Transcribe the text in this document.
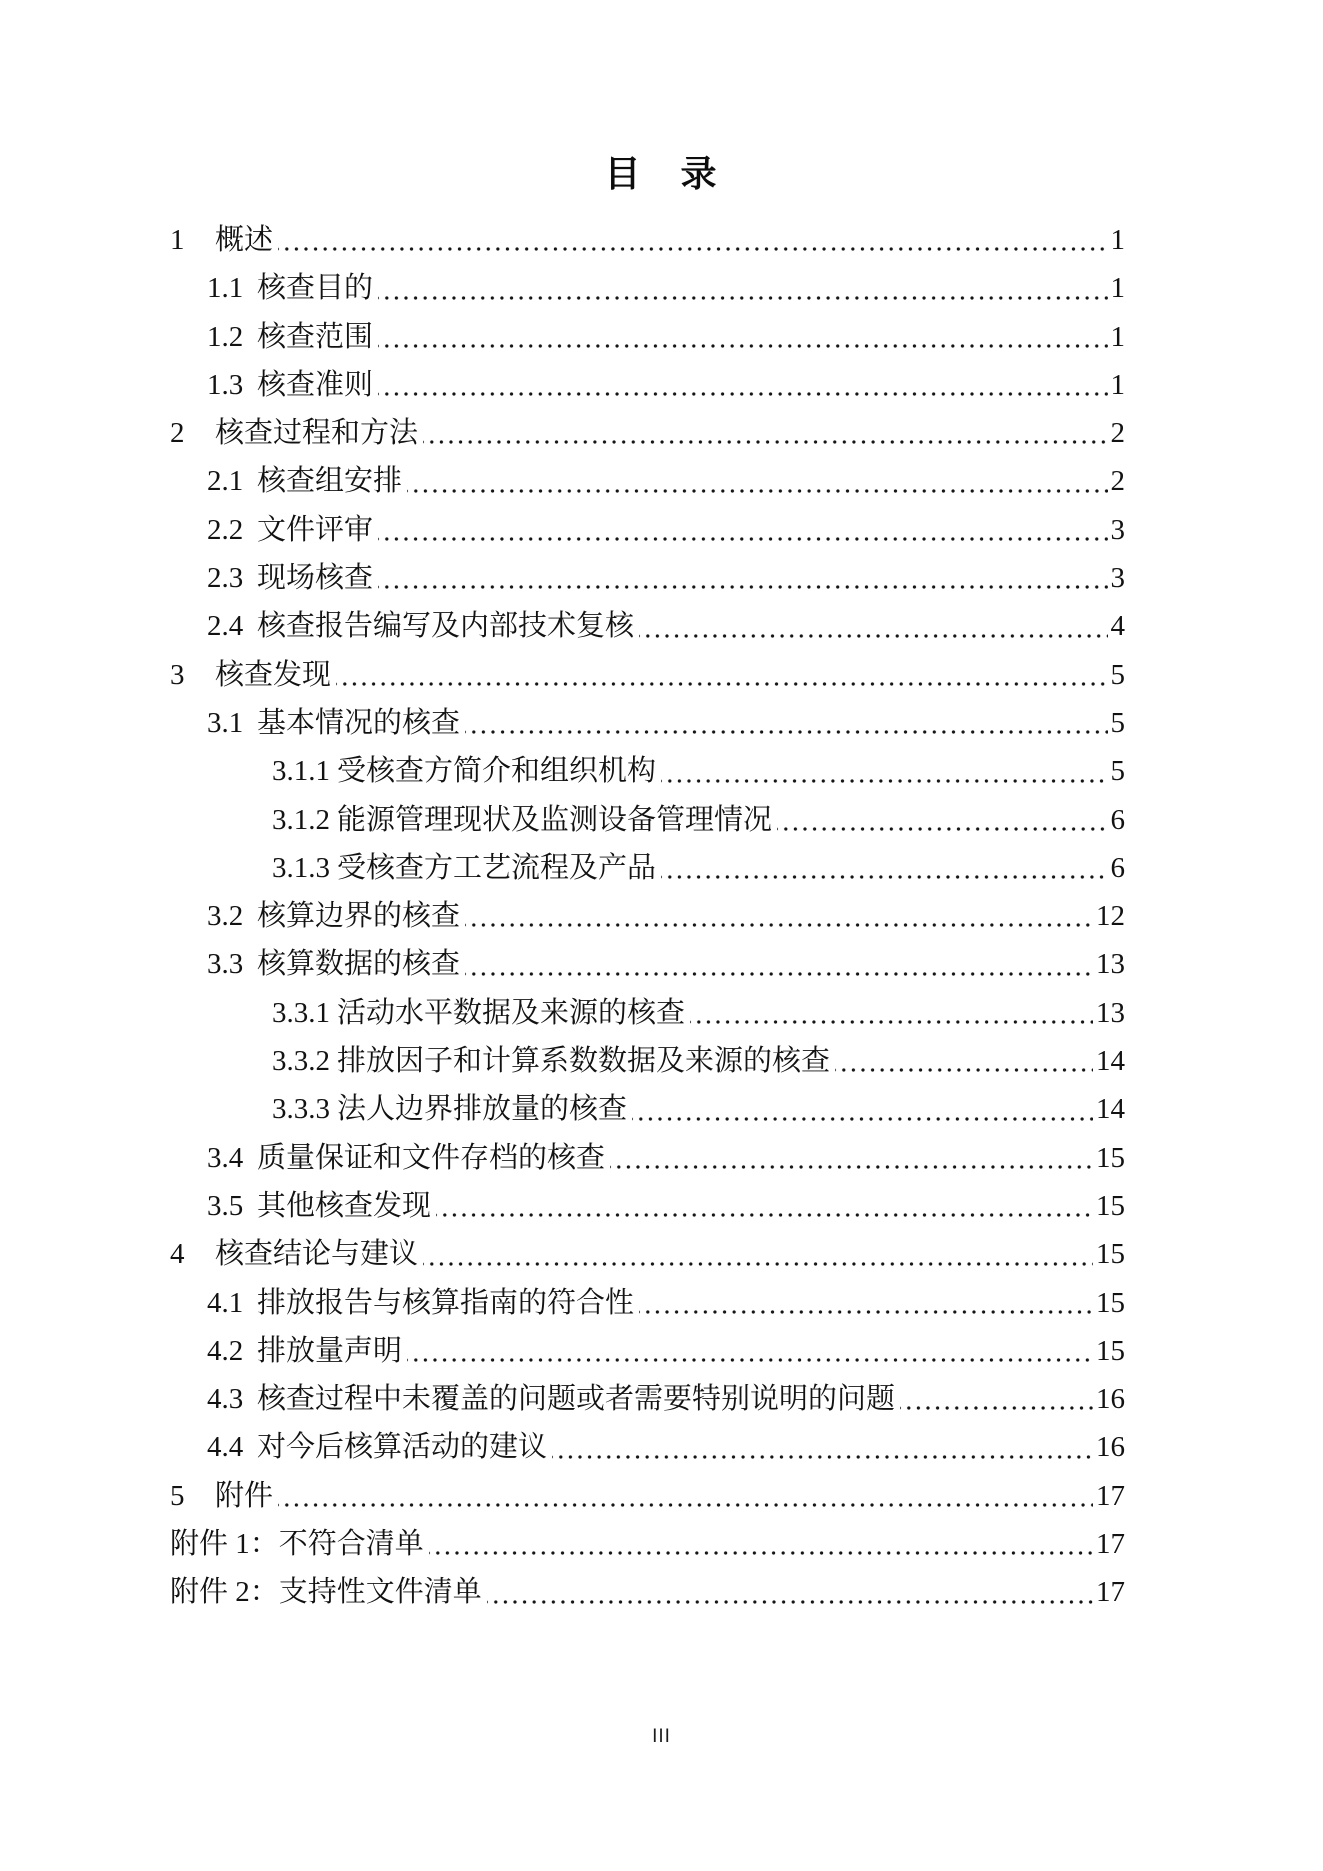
目　录
1	概述	1
1.1 核查目的	1
1.2 核查范围	1
1.3 核查准则	1
2	核查过程和方法	2
2.1 核查组安排	2
2.2 文件评审	3
2.3 现场核查	3
2.4 核查报告编写及内部技术复核	4
3	核查发现	5
3.1 基本情况的核查	5
3.1.1 受核查方简介和组织机构	5
3.1.2 能源管理现状及监测设备管理情况	6
3.1.3 受核查方工艺流程及产品	6
3.2 核算边界的核查	12
3.3 核算数据的核查	13
3.3.1 活动水平数据及来源的核查	13
3.3.2 排放因子和计算系数数据及来源的核查	14
3.3.3 法人边界排放量的核查	14
3.4 质量保证和文件存档的核查	15
3.5 其他核查发现	15
4	核查结论与建议	15
4.1 排放报告与核算指南的符合性	15
4.2 排放量声明	15
4.3 核查过程中未覆盖的问题或者需要特别说明的问题	16
4.4 对今后核算活动的建议	16
5	附件	17
附件 1： 不符合清单	17
附件 2： 支持性文件清单	17
III
